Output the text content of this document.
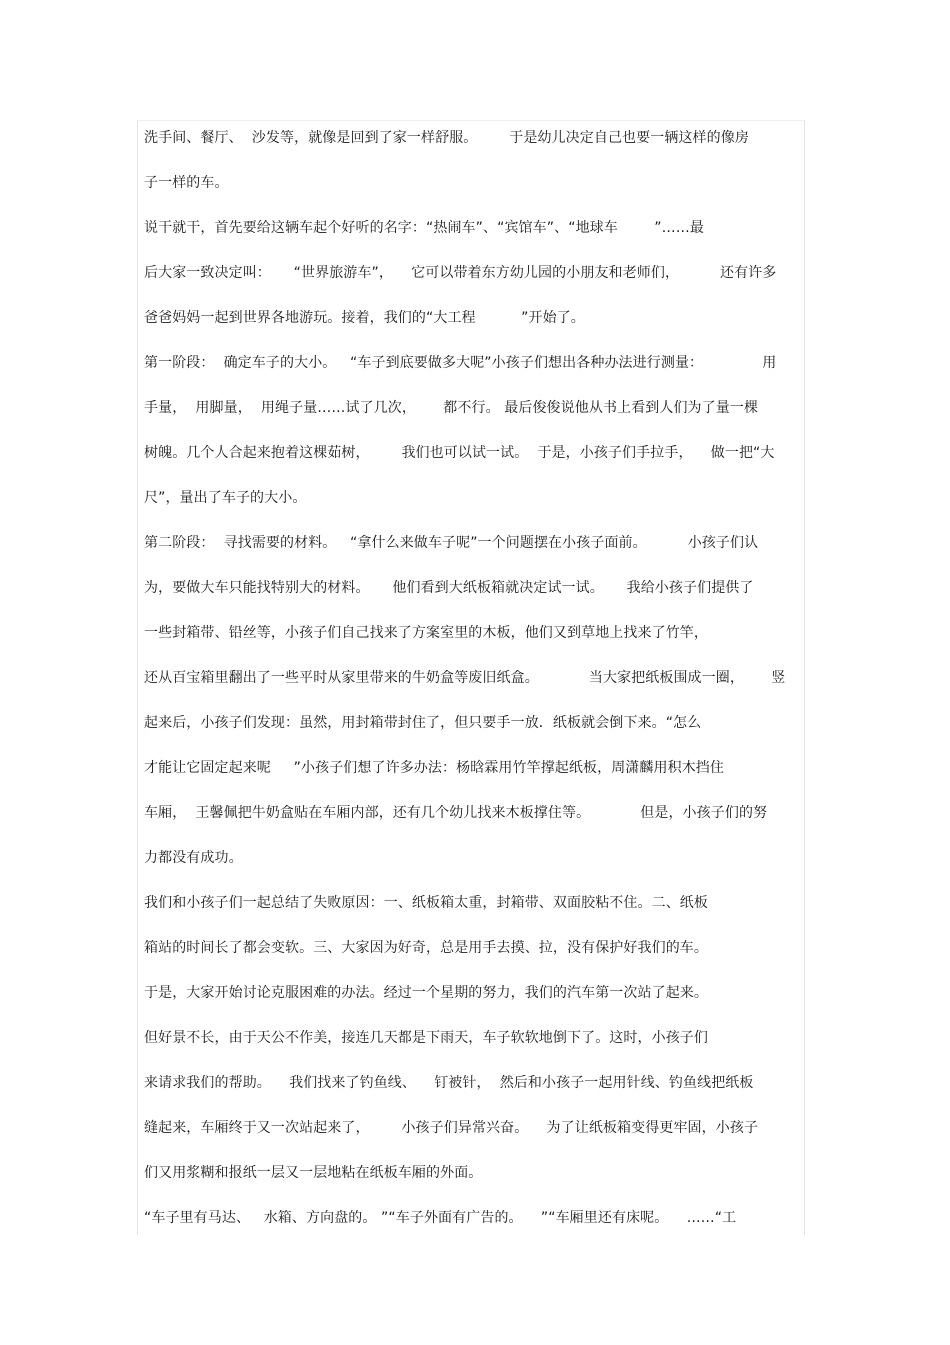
洗手间、餐厅、  沙发等，就像是回到了家一样舒服。       于是幼儿决定自己也要一辆这样的像房
子一样的车。
说干就干，首先要给这辆车起个好听的名字：“热闹车”、“宾馆车”、“地球车        ”……最
后大家一致决定叫：     “世界旅游车”，    它可以带着东方幼儿园的小朋友和老师们，         还有许多
爸爸妈妈一起到世界各地游玩。接着，我们的“大工程          ”开始了。
第一阶段：  确定车子的大小。   “车子到底要做多大呢”小孩子们想出各种办法进行测量：             用
手量，  用脚量，  用绳子量……试了几次，      都不行。 最后俊俊说他从书上看到人们为了量一棵
树魄。几个人合起来抱着这棵茹树，       我们也可以试一试。  于是，小孩子们手拉手，    做一把“大
尺”，量出了车子的大小。
第二阶段：  寻找需要的材料。   “拿什么来做车子呢”一个问题摆在小孩子面前。         小孩子们认
为，要做大车只能找特别大的材料。     他们看到大纸板箱就决定试一试。     我给小孩子们提供了
一些封箱带、铅丝等，小孩子们自己找来了方案室里的木板，他们又到草地上找来了竹竿，
还从百宝箱里翻出了一些平时从家里带来的牛奶盒等废旧纸盒。           当大家把纸板围成一圈，      竖
起来后，小孩子们发现：虽然，用封箱带封住了，但只要手一放．纸板就会倒下来。“怎么
才能让它固定起来呢     ”小孩子们想了许多办法：杨晗霖用竹竿撑起纸板，周潇麟用积木挡住
车厢，  王馨佩把牛奶盒贴在车厢内部，还有几个幼儿找来木板撑住等。           但是，小孩子们的努
力都没有成功。
我们和小孩子们一起总结了失败原因：一、纸板箱太重，封箱带、双面胶粘不住。二、纸板
箱站的时间长了都会变软。三、大家因为好奇，总是用手去摸、拉，没有保护好我们的车。
于是，大家开始讨论克服困难的办法。经过一个星期的努力，我们的汽车第一次站了起来。
但好景不长，由于天公不作美，接连几天都是下雨天，车子软软地倒下了。这时，小孩子们
来请求我们的帮助。    我们找来了钓鱼线、    钉被针，  然后和小孩子一起用针线、钓鱼线把纸板
缝起来，车厢终于又一次站起来了，       小孩子们异常兴奋。    为了让纸板箱变得更牢固，小孩子
们又用浆糊和报纸一层又一层地粘在纸板车厢的外面。
“车子里有马达、   水箱、方向盘的。 ”“车子外面有广告的。    ”“车厢里还有床呢。    ……“工
